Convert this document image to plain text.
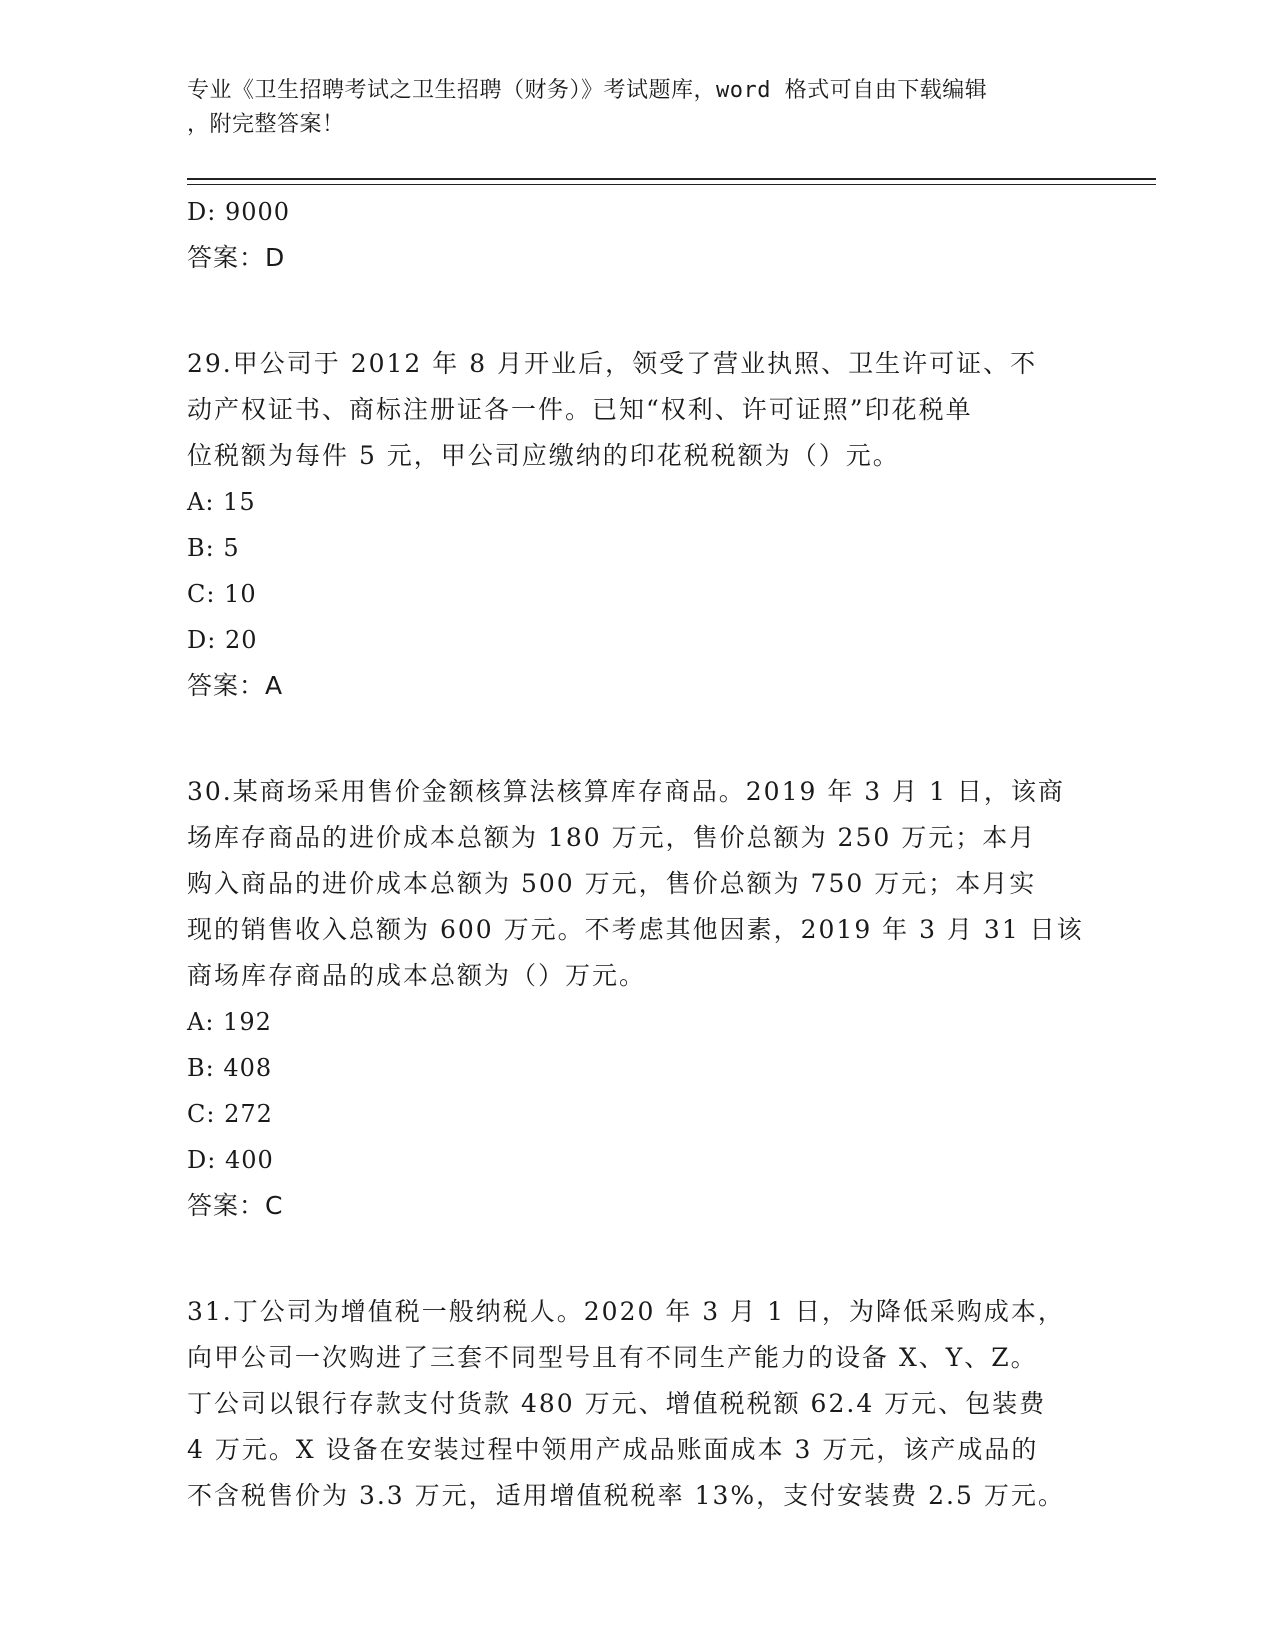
专业《卫生招聘考试之卫生招聘（财务）》考试题库，word 格式可自由下载编辑
，附完整答案！
D: 9000
答案：D
29.甲公司于 2012 年 8 月开业后，领受了营业执照、卫生许可证、不
动产权证书、商标注册证各一件。已知“权利、许可证照”印花税单
位税额为每件 5 元，甲公司应缴纳的印花税税额为（）元。
A: 15
B: 5
C: 10
D: 20
答案：A
30.某商场采用售价金额核算法核算库存商品。2019 年 3 月 1 日，该商
场库存商品的进价成本总额为 180 万元，售价总额为 250 万元；本月
购入商品的进价成本总额为 500 万元，售价总额为 750 万元；本月实
现的销售收入总额为 600 万元。不考虑其他因素，2019 年 3 月 31 日该
商场库存商品的成本总额为（）万元。
A: 192
B: 408
C: 272
D: 400
答案：C
31.丁公司为增值税一般纳税人。2020 年 3 月 1 日，为降低采购成本，
向甲公司一次购进了三套不同型号且有不同生产能力的设备 X、Y、Z。
丁公司以银行存款支付货款 480 万元、增值税税额 62.4 万元、包装费
4 万元。X 设备在安装过程中领用产成品账面成本 3 万元，该产成品的
不含税售价为 3.3 万元，适用增值税税率 13%，支付安装费 2.5 万元。
